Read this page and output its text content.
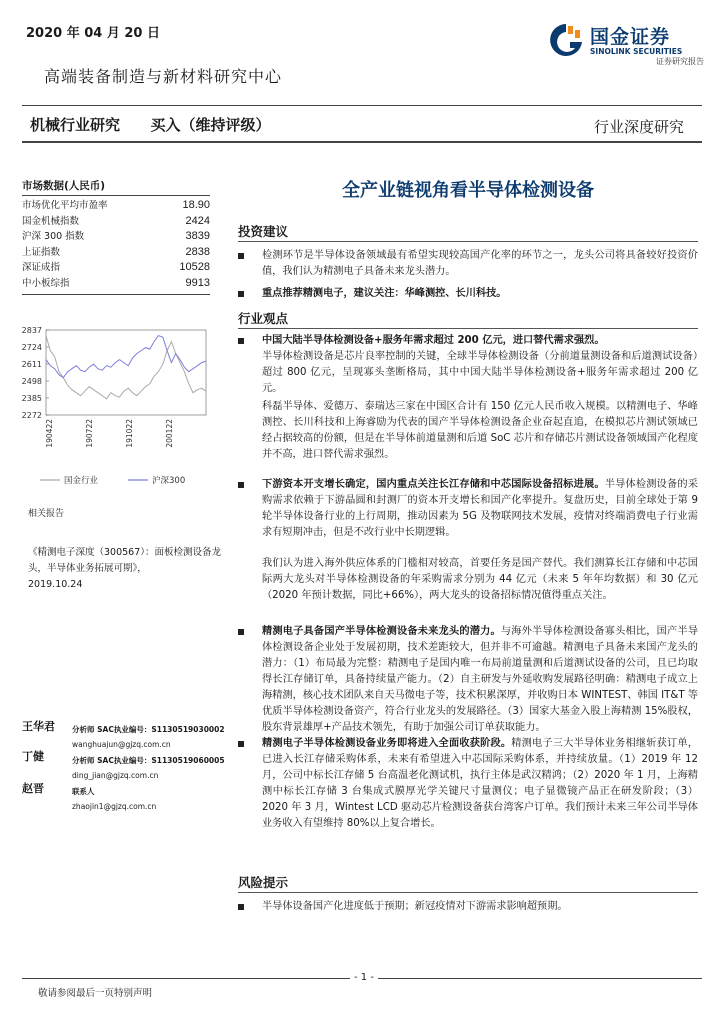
2020 年 04 月 20 日
高端装备制造与新材料研究中心
国金证券
SINOLINK SECURITIES
证券研究报告
机械行业研究 买入（维持评级）	行业深度研究
市场数据(人民币)
市场优化平均市盈率	18.90
国金机械指数	2424
沪深 300 指数	3839
上证指数	2838
深证成指	10528
中小板综指	9913
2837
2724
2611
2498
2385
2272
190422	190722	191022	200122
国金行业	沪深300
相关报告
《精测电子深度（300567）：面板检测设备龙头，半导体业务拓展可期》，
2019.10.24
王华君 分析师 SAC执业编号：S1130519030002
wanghuajun@gjzq.com.cn
丁健	分析师 SAC执业编号：S1130519060005
ding_jian@gjzq.com.cn
赵晋	联系人
zhaojin1@gjzq.com.cn
全产业链视角看半导体检测设备
投资建议
检测环节是半导体设备领域最有希望实现较高国产化率的环节之一，龙头公司将具备较好投资价值，我们认为精测电子具备未来龙头潜力。
重点推荐精测电子，建议关注：华峰测控、长川科技。
行业观点
中国大陆半导体检测设备+服务年需求超过 200 亿元，进口替代需求强烈。
半导体检测设备是芯片良率控制的关键，全球半导体检测设备（分前道量测设备和后道测试设备）超过 800 亿元，呈现寡头垄断格局，其中中国大陆半导体检测设备+服务年需求超过 200 亿元。
科磊半导体、爱德万、泰瑞达三家在中国区合计有 150 亿元人民币收入规模。以精测电子、华峰测控、长川科技和上海睿励为代表的国产半导体检测设备企业奋起直追，在模拟芯片测试领域已经占据较高的份额，但是在半导体前道量测和后道 SoC 芯片和存储芯片测试设备领域国产化程度并不高，进口替代需求强烈。
下游资本开支增长确定，国内重点关注长江存储和中芯国际设备招标进展。半导体检测设备的采购需求依赖于下游晶圆和封测厂的资本开支增长和国产化率提升。复盘历史，目前全球处于第 9 轮半导体设备行业的上行周期，推动因素为 5G 及物联网技术发展，疫情对终端消费电子行业需求有短期冲击，但是不改行业中长期逻辑。
我们认为进入海外供应体系的门槛相对较高，首要任务是国产替代。我们测算长江存储和中芯国际两大龙头对半导体检测设备的年采购需求分别为 44 亿元（未来 5 年年均数据）和 30 亿元（2020 年预计数据，同比+66%），两大龙头的设备招标情况值得重点关注。
精测电子具备国产半导体检测设备未来龙头的潜力。与海外半导体检测设备寡头相比，国产半导体检测设备企业处于发展初期，技术差距较大，但并非不可逾越。精测电子具备未来国产龙头的潜力：（1）布局最为完整：精测电子是国内唯一布局前道量测和后道测试设备的公司，且已均取得长江存储订单，具备持续量产能力。（2）自主研发与外延收购发展路径明确：精测电子成立上海精测，核心技术团队来自天马微电子等，技术积累深厚，并收购日本 WINTEST、韩国 IT&T 等优质半导体检测设备资产，符合行业龙头的发展路径。（3）国家大基金入股上海精测 15%股权，股东背景雄厚+产品技术领先，有助于加强公司订单获取能力。
精测电子半导体检测设备业务即将进入全面收获阶段。精测电子三大半导体业务相继斩获订单，已进入长江存储采购体系，未来有希望进入中芯国际采购体系，并持续放量。（1）2019 年 12 月，公司中标长江存储 5 台高温老化测试机，执行主体是武汉精鸿；（2）2020 年 1 月，上海精测中标长江存储 3 台集成式膜厚光学关键尺寸量测仪；电子显微镜产品正在研发阶段；（3）2020 年 3 月，Wintest LCD 驱动芯片检测设备获台湾客户订单。我们预计未来三年公司半导体业务收入有望维持 80%以上复合增长。
风险提示
半导体设备国产化进度低于预期；新冠疫情对下游需求影响超预期。
- 1 -
敬请参阅最后一页特别声明
